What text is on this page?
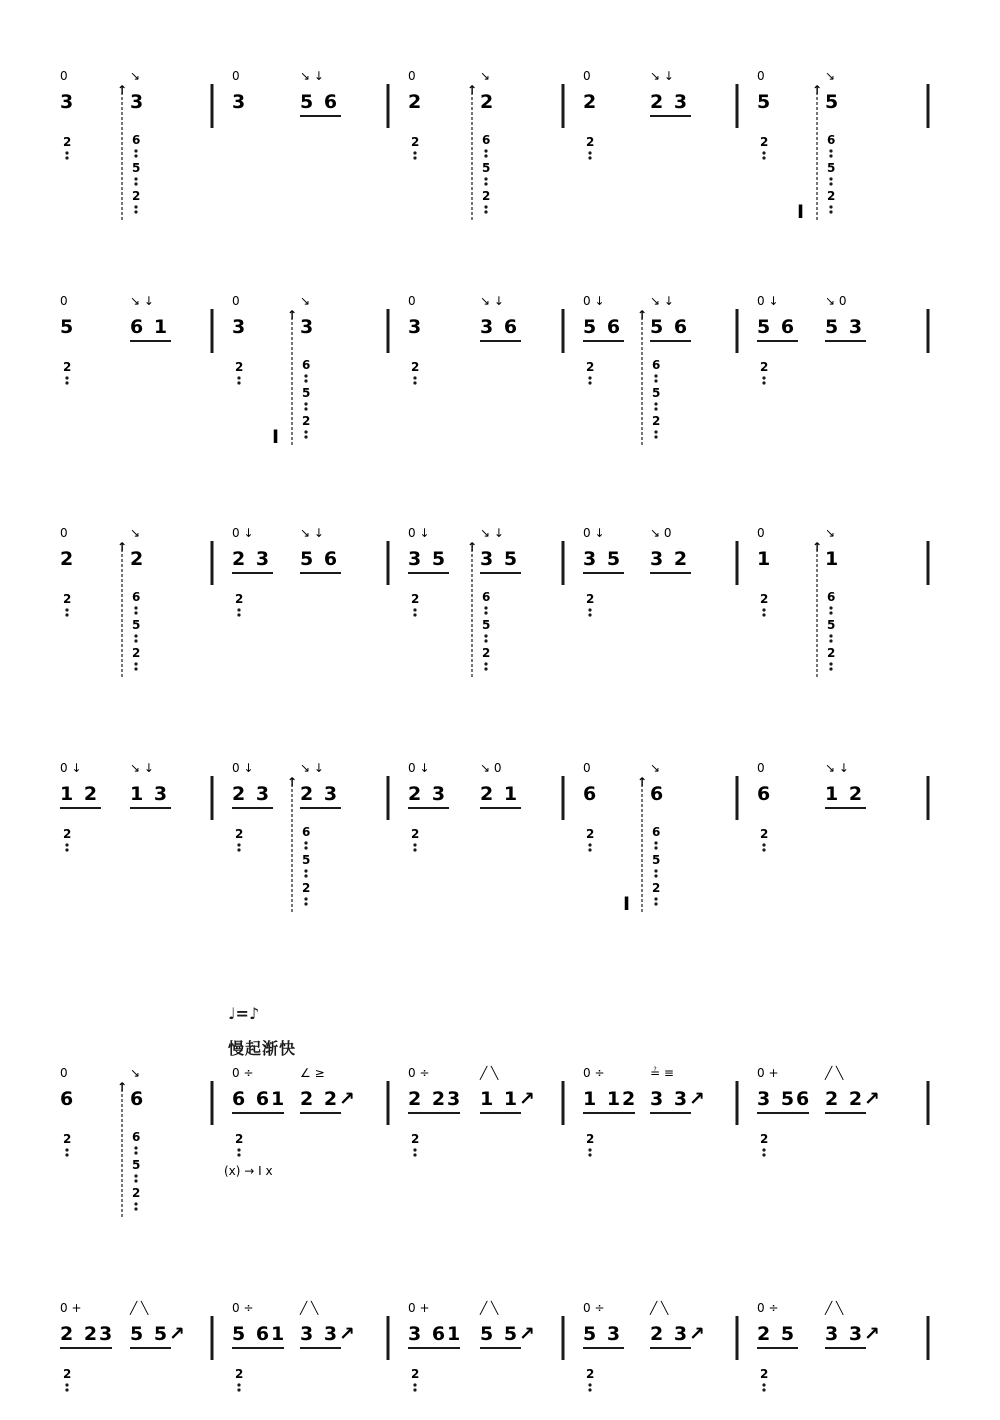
♩=♪
慢起渐快
0
3
2
↘
↑
3
6
5
2
0
3
↘ ↓
5 6
0
2
2
↘
↑
2
6
5
2
0
2
2
↘ ↓
2 3
0
5
2
I
↘
↑
5
6
5
2
0
5
2
↘ ↓
6 1
0
3
2
I
↘
↑
3
6
5
2
0
3
2
↘ ↓
3 6
0 ↓
5 6
2
↘ ↓
↑
5 6
6
5
2
0 ↓
5 6
2
↘ 0
5 3
0
2
2
↘
↑
2
6
5
2
0 ↓
2 3
2
↘ ↓
5 6
0 ↓
3 5
2
↘ ↓
↑
3 5
6
5
2
0 ↓
3 5
2
↘ 0
3 2
0
1
2
↘
↑
1
6
5
2
0 ↓
1 2
2
↘ ↓
1 3
0 ↓
2 3
2
↘ ↓
↑
2 3
6
5
2
0 ↓
2 3
2
↘ 0
2 1
0
6
2
I
↘
↑
6
6
5
2
0
6
2
↘ ↓
1 2
0
6
2
↘
↑
6
6
5
2
0 ÷
6 61
2
(x) → I x
∠ ≥
2 2↗
0 ÷
2 23
2
╱ ╲
1 1↗
0 ÷
1 12
2
≟ ≡
3 3↗
0 +
3 56
2
╱ ╲
2 2↗
0 +
2 23
2
╱ ╲
5 5↗
0 ÷
5 61
2
╱ ╲
3 3↗
0 +
3 61
2
╱ ╲
5 5↗
0 ÷
5 3
2
╱ ╲
2 3↗
0 ÷
2 5
2
╱ ╲
3 3↗
